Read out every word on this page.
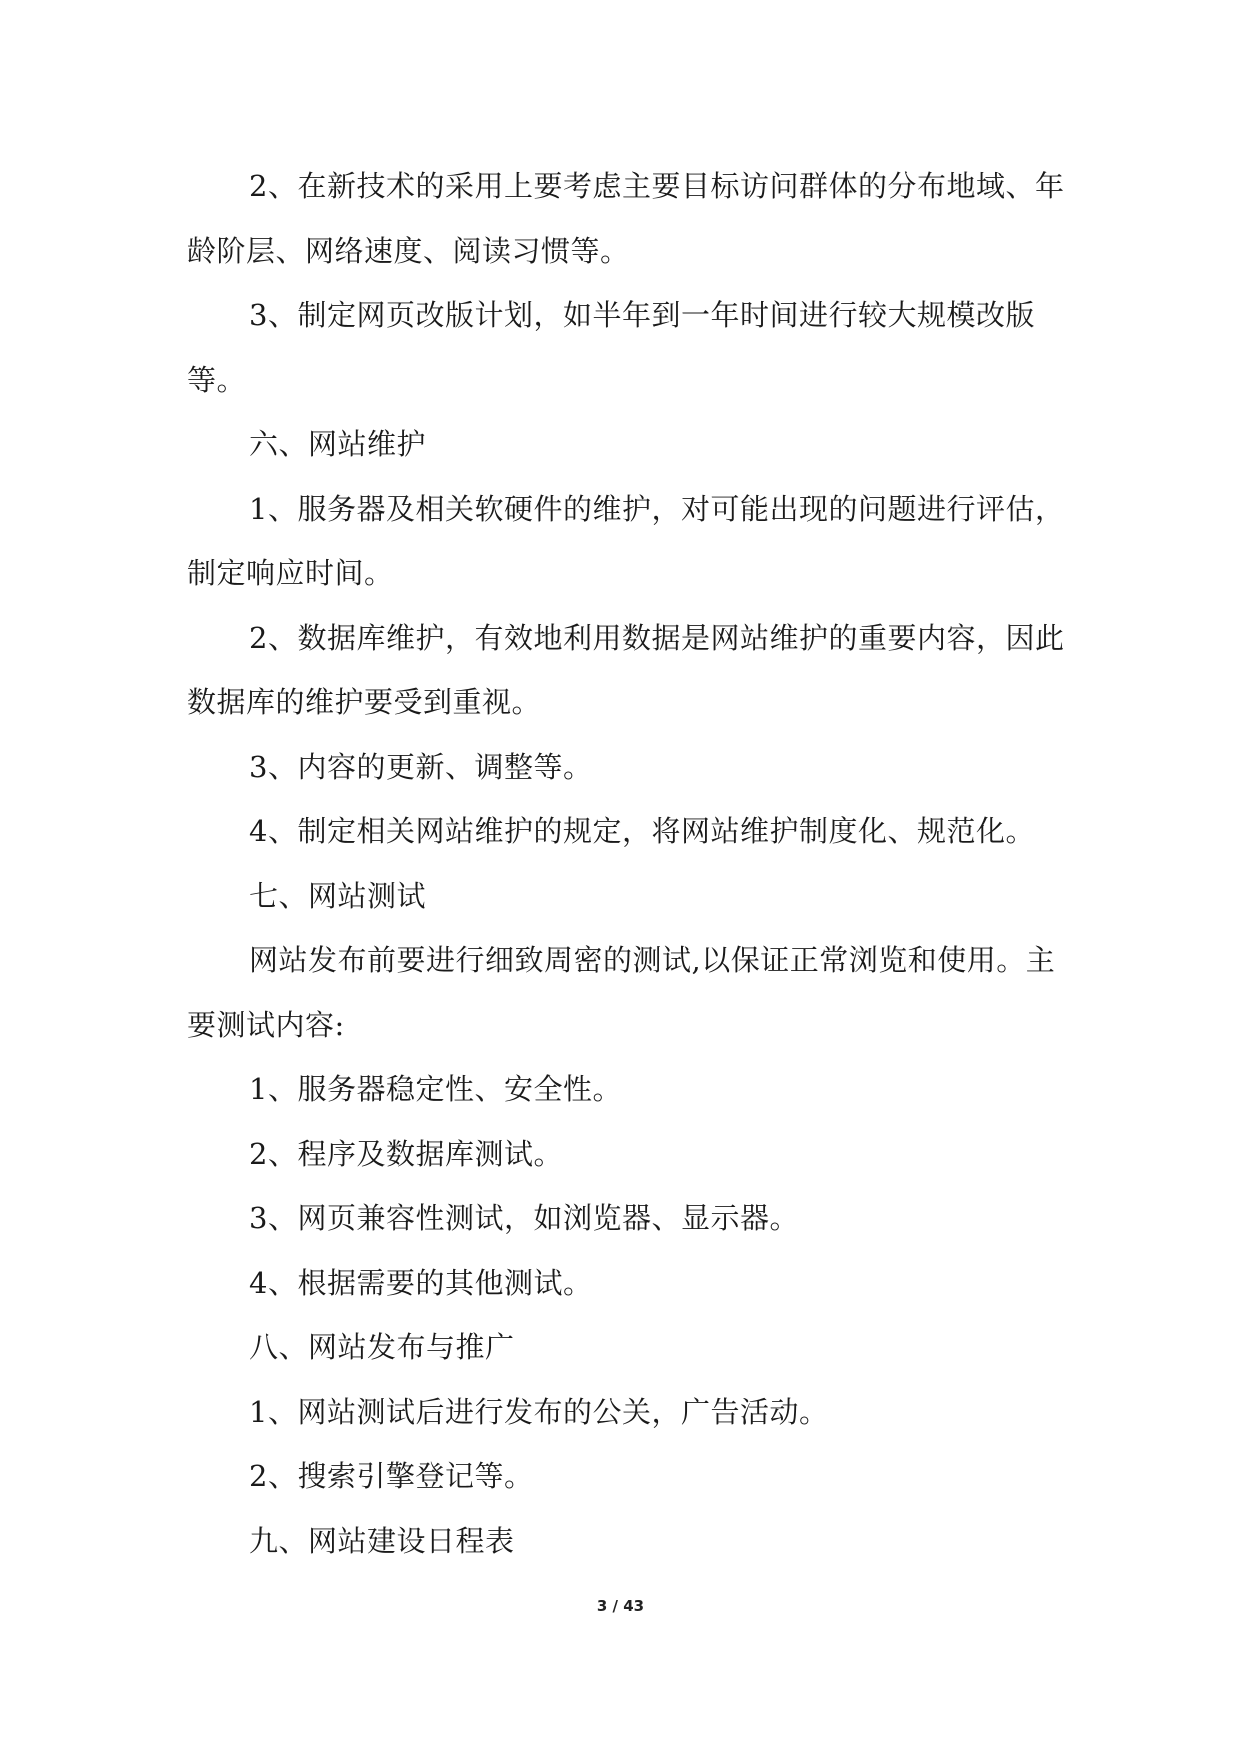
2、在新技术的采用上要考虑主要目标访问群体的分布地域、年龄阶层、网络速度、阅读习惯等。

3、制定网页改版计划，如半年到一年时间进行较大规模改版等。

六、网站维护

1、服务器及相关软硬件的维护，对可能出现的问题进行评估，制定响应时间。

2、数据库维护，有效地利用数据是网站维护的重要内容，因此数据库的维护要受到重视。

3、内容的更新、调整等。

4、制定相关网站维护的规定，将网站维护制度化、规范化。

七、网站测试

网站发布前要进行细致周密的测试,以保证正常浏览和使用。主要测试内容:

1、服务器稳定性、安全性。

2、程序及数据库测试。

3、网页兼容性测试，如浏览器、显示器。

4、根据需要的其他测试。

八、网站发布与推广

1、网站测试后进行发布的公关，广告活动。

2、搜索引擎登记等。

九、网站建设日程表

3 / 43
